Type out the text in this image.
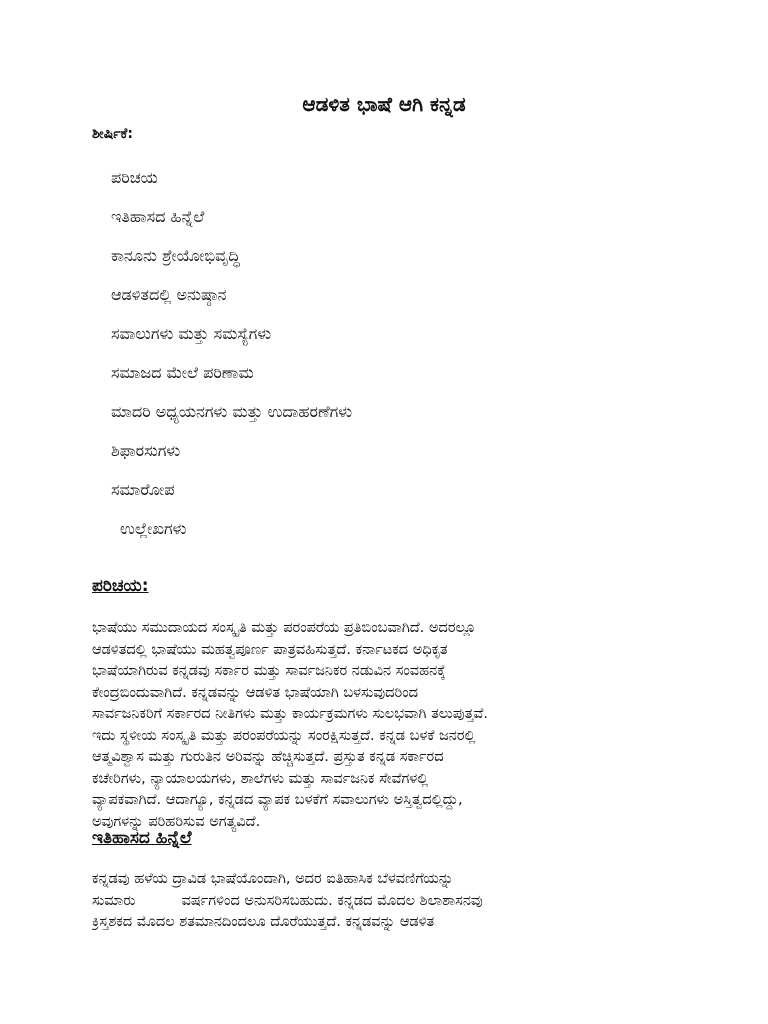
ಆಡಳಿತ ಭಾಷೆ ಆಗಿ ಕನ್ನಡ
ಶೀರ್ಷಿಕೆ:
ಪರಿಚಯ
ಇತಿಹಾಸದ ಹಿನ್ನೆಲೆ
ಕಾನೂನು ಶ್ರೇಯೋಭಿವೃದ್ಧಿ
ಆಡಳಿತದಲ್ಲಿ ಅನುಷ್ಠಾನ
ಸವಾಲುಗಳು ಮತ್ತು ಸಮಸ್ಯೆಗಳು
ಸಮಾಜದ ಮೇಲೆ ಪರಿಣಾಮ
ಮಾದರಿ ಅಧ್ಯಯನಗಳು ಮತ್ತು ಉದಾಹರಣೆಗಳು
ಶಿಫಾರಸುಗಳು
ಸಮಾರೋಪ
ಉಲ್ಲೇಖಗಳು
ಪರಿಚಯ:
ಭಾಷೆಯು ಸಮುದಾಯದ ಸಂಸ್ಕೃತಿ ಮತ್ತು ಪರಂಪರೆಯ ಪ್ರತಿಬಿಂಬವಾಗಿದೆ. ಅದರಲ್ಲೂ
ಆಡಳಿತದಲ್ಲಿ ಭಾಷೆಯು ಮಹತ್ವಪೂರ್ಣ ಪಾತ್ರವಹಿಸುತ್ತದೆ. ಕರ್ನಾಟಕದ ಅಧಿಕೃತ
ಭಾಷೆಯಾಗಿರುವ ಕನ್ನಡವು ಸರ್ಕಾರ ಮತ್ತು ಸಾರ್ವಜನಿಕರ ನಡುವಿನ ಸಂವಹನಕ್ಕೆ
ಕೇಂದ್ರಬಿಂದುವಾಗಿದೆ. ಕನ್ನಡವನ್ನು ಆಡಳಿತ ಭಾಷೆಯಾಗಿ ಬಳಸುವುದರಿಂದ
ಸಾರ್ವಜನಿಕರಿಗೆ ಸರ್ಕಾರದ ನೀತಿಗಳು ಮತ್ತು ಕಾರ್ಯಕ್ರಮಗಳು ಸುಲಭವಾಗಿ ತಲುಪುತ್ತವೆ.
ಇದು ಸ್ಥಳೀಯ ಸಂಸ್ಕೃತಿ ಮತ್ತು ಪರಂಪರೆಯನ್ನು ಸಂರಕ್ಷಿಸುತ್ತದೆ. ಕನ್ನಡ ಬಳಕೆ ಜನರಲ್ಲಿ
ಆತ್ಮವಿಶ್ವಾಸ ಮತ್ತು ಗುರುತಿನ ಅರಿವನ್ನು ಹೆಚ್ಚಿಸುತ್ತದೆ. ಪ್ರಸ್ತುತ ಕನ್ನಡ ಸರ್ಕಾರದ
ಕಚೇರಿಗಳು, ನ್ಯಾಯಾಲಯಗಳು, ಶಾಲೆಗಳು ಮತ್ತು ಸಾರ್ವಜನಿಕ ಸೇವೆಗಳಲ್ಲಿ
ವ್ಯಾಪಕವಾಗಿದೆ. ಆದಾಗ್ಯೂ, ಕನ್ನಡದ ವ್ಯಾಪಕ ಬಳಕೆಗೆ ಸವಾಲುಗಳು ಅಸ್ತಿತ್ವದಲ್ಲಿದ್ದು,
ಅವುಗಳನ್ನು ಪರಿಹರಿಸುವ ಅಗತ್ಯವಿದೆ.
ಇತಿಹಾಸದ ಹಿನ್ನೆಲೆ
ಕನ್ನಡವು ಹಳೆಯ ದ್ರಾವಿಡ ಭಾಷೆಯೊಂದಾಗಿ, ಅದರ ಐತಿಹಾಸಿಕ ಬೆಳವಣಿಗೆಯನ್ನು
ಸುಮಾರು          ವರ್ಷಗಳಿಂದ ಅನುಸರಿಸಬಹುದು. ಕನ್ನಡದ ಮೊದಲ ಶಿಲಾಶಾಸನವು
ಕ್ರಿಸ್ತಶಕದ ಮೊದಲ ಶತಮಾನದಿಂದಲೂ ದೊರೆಯುತ್ತದೆ. ಕನ್ನಡವನ್ನು ಆಡಳಿತ
